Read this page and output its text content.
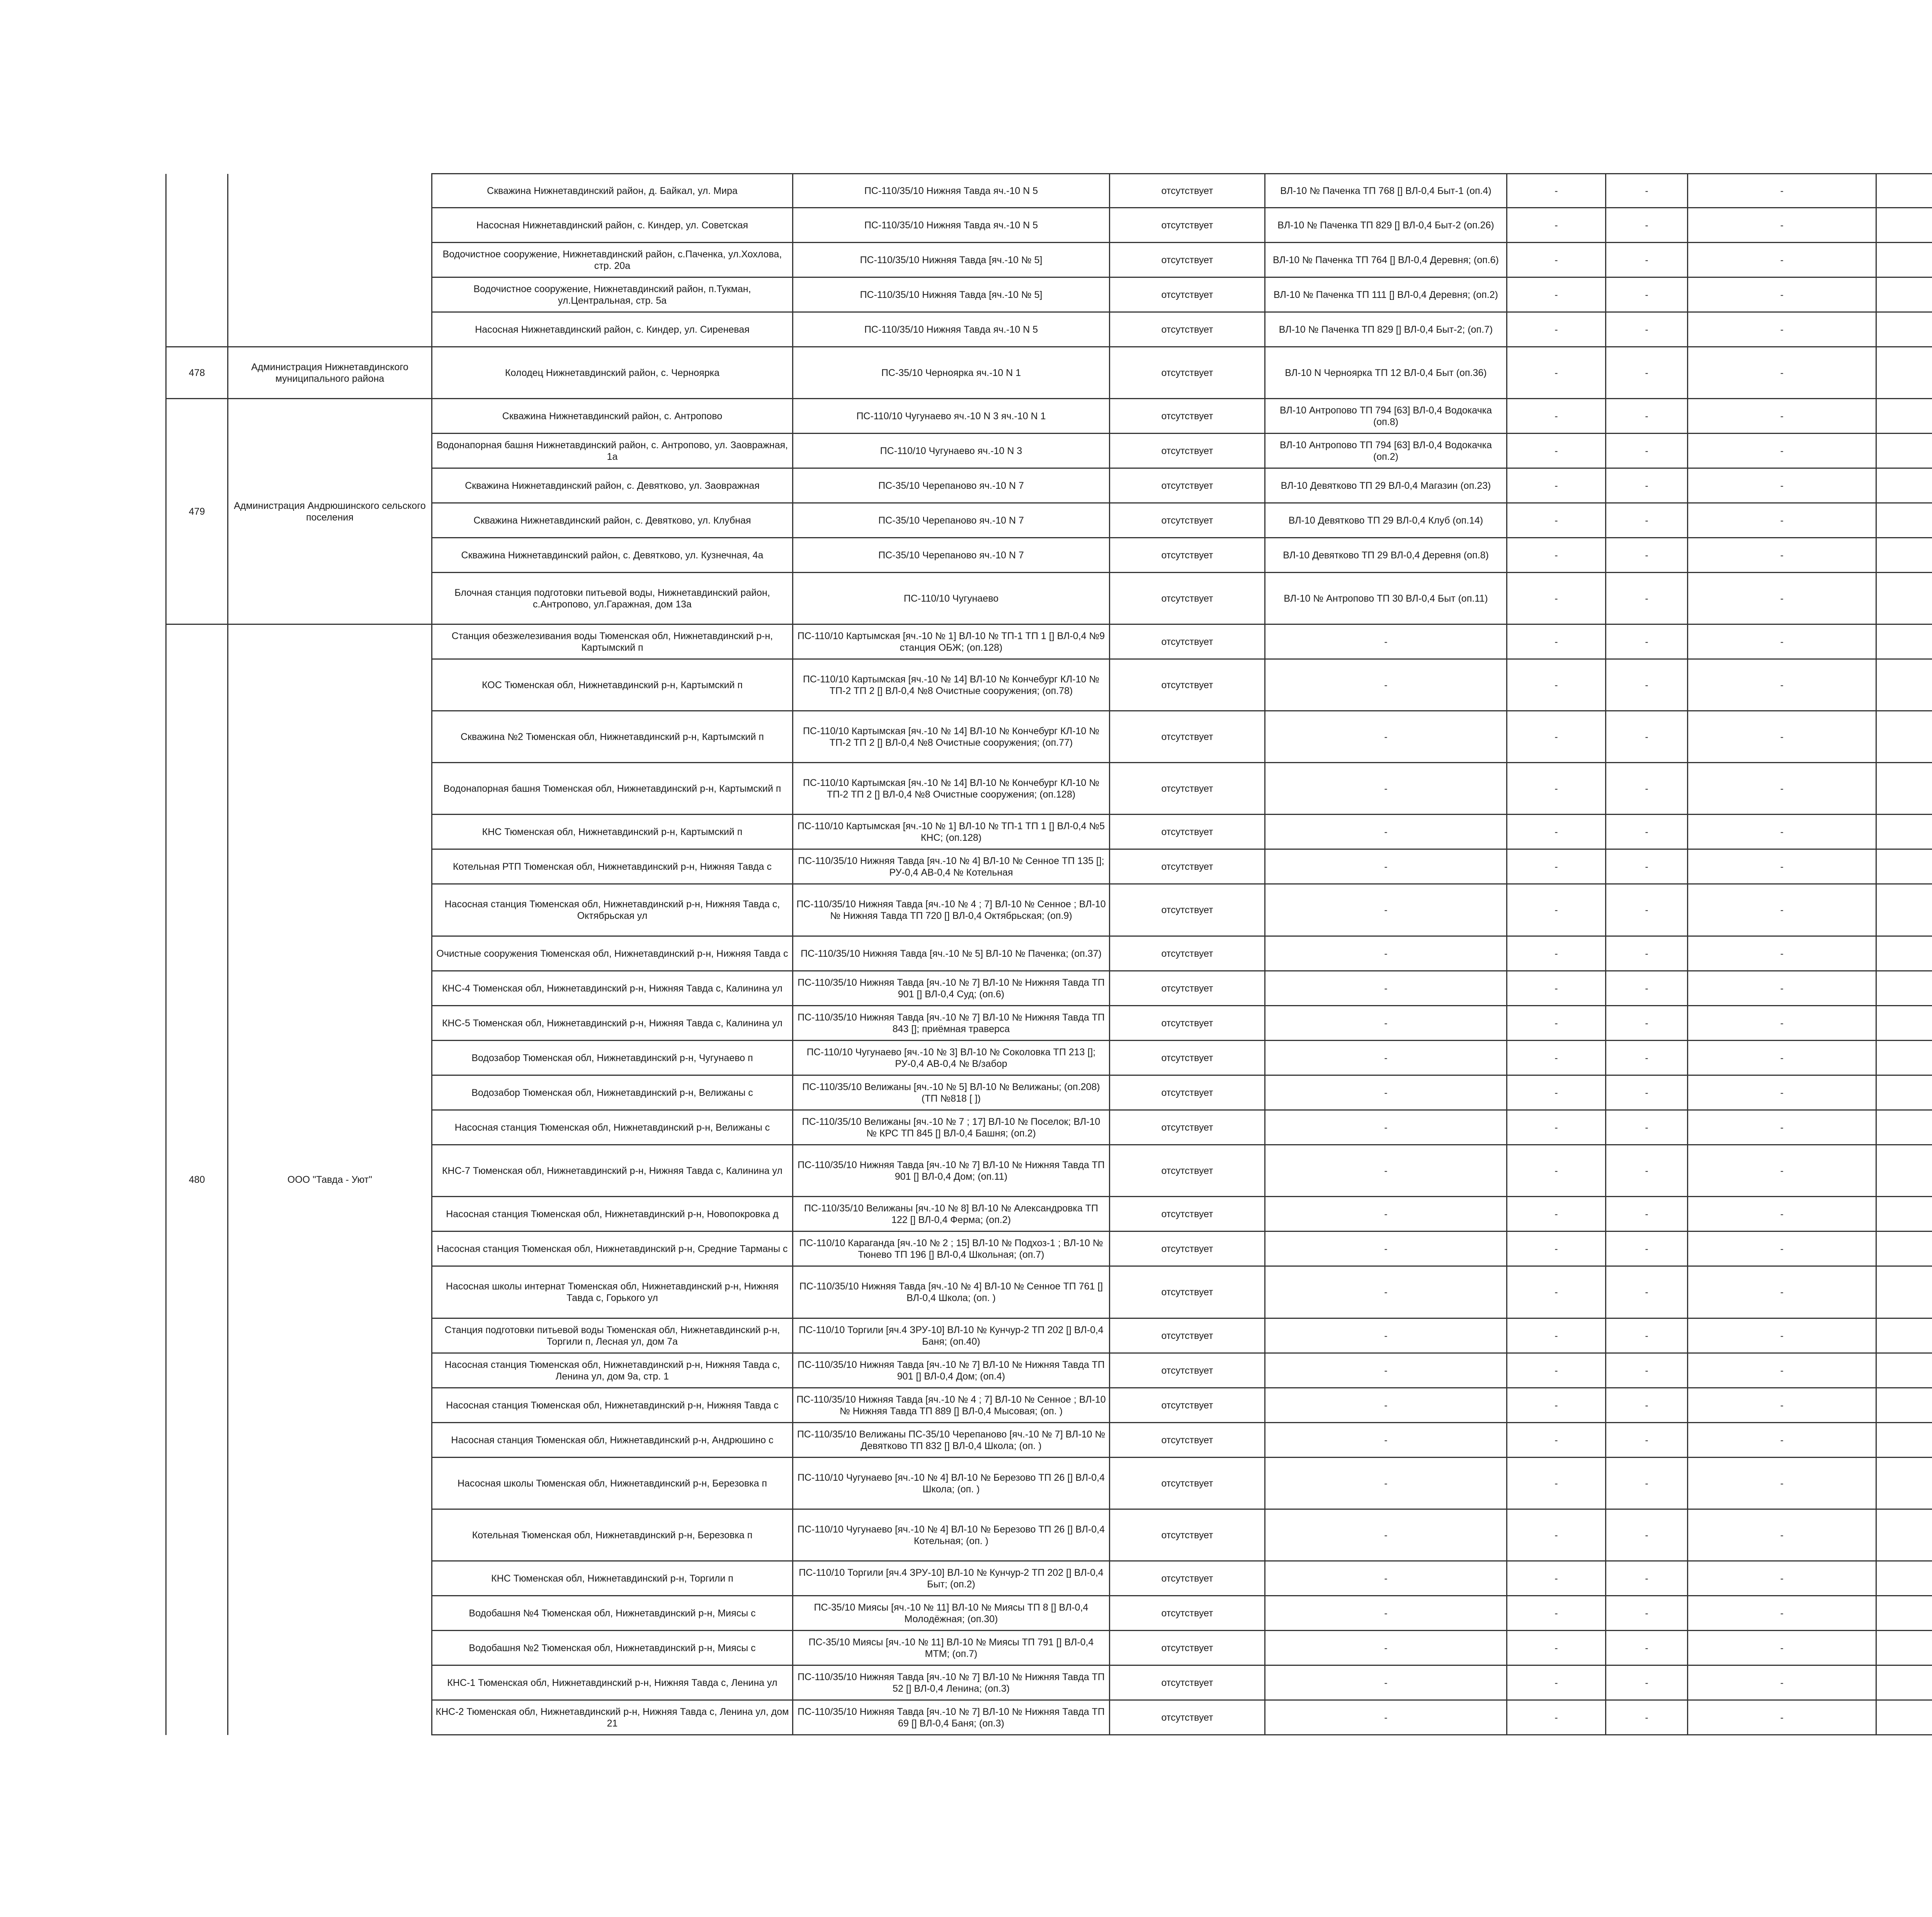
		Скважина Нижнетавдинский район, д. Байкал, ул. Мира	ПС-110/35/10 Нижняя Тавда яч.-10 N 5	отсутствует	ВЛ-10 № Паченка ТП 768 [] ВЛ-0,4 Быт-1 (оп.4)	-	-	-		
		Насосная Нижнетавдинский район, с. Киндер, ул. Советская	ПС-110/35/10 Нижняя Тавда яч.-10 N 5	отсутствует	ВЛ-10 № Паченка ТП 829 [] ВЛ-0,4 Быт-2 (оп.26)	-	-	-		
		Водочистное сооружение, Нижнетавдинский район, с.Паченка, ул.Хохлова, стр. 20а	ПС-110/35/10 Нижняя Тавда [яч.-10 № 5]	отсутствует	ВЛ-10 № Паченка ТП 764 [] ВЛ-0,4 Деревня; (оп.6)	-	-	-		
		Водочистное сооружение, Нижнетавдинский район, п.Тукман, ул.Центральная, стр. 5а	ПС-110/35/10 Нижняя Тавда [яч.-10 № 5]	отсутствует	ВЛ-10 № Паченка ТП 111 [] ВЛ-0,4 Деревня; (оп.2)	-	-	-		
		Насосная Нижнетавдинский район, с. Киндер, ул. Сиреневая	ПС-110/35/10 Нижняя Тавда яч.-10 N 5	отсутствует	ВЛ-10 № Паченка ТП 829 [] ВЛ-0,4 Быт-2; (оп.7)	-	-	-		
478	Администрация Нижнетавдинского муниципального района	Колодец Нижнетавдинский район, с. Черноярка	ПС-35/10 Черноярка яч.-10 N 1	отсутствует	ВЛ-10 N Черноярка ТП 12 ВЛ-0,4 Быт (оп.36)	-	-	-		
479	Администрация Андрюшинского сельского поселения	Скважина Нижнетавдинский район, с. Антропово	ПС-110/10 Чугунаево яч.-10 N 3 яч.-10 N 1	отсутствует	ВЛ-10 Антропово ТП 794 [63] ВЛ-0,4 Водокачка (оп.8)	-	-	-		
		Водонапорная башня Нижнетавдинский район, с. Антропово, ул. Заовражная, 1а	ПС-110/10 Чугунаево яч.-10 N 3	отсутствует	ВЛ-10 Антропово ТП 794 [63] ВЛ-0,4 Водокачка (оп.2)	-	-	-		
		Скважина Нижнетавдинский район, с. Девятково, ул. Заовражная	ПС-35/10 Черепаново яч.-10 N 7	отсутствует	ВЛ-10 Девятково ТП 29 ВЛ-0,4 Магазин (оп.23)	-	-	-		
		Скважина Нижнетавдинский район, с. Девятково, ул. Клубная	ПС-35/10 Черепаново яч.-10 N 7	отсутствует	ВЛ-10 Девятково ТП 29 ВЛ-0,4 Клуб (оп.14)	-	-	-		
		Скважина Нижнетавдинский район, с. Девятково, ул. Кузнечная, 4а	ПС-35/10 Черепаново яч.-10 N 7	отсутствует	ВЛ-10 Девятково ТП 29 ВЛ-0,4 Деревня (оп.8)	-	-	-		
		Блочная станция подготовки питьевой воды, Нижнетавдинский район, с.Антропово, ул.Гаражная, дом 13а	ПС-110/10 Чугунаево	отсутствует	ВЛ-10 № Антропово ТП 30 ВЛ-0,4 Быт (оп.11)	-	-	-		
480	ООО "Тавда - Уют"	Станция обезжелезивания воды Тюменская обл, Нижнетавдинский р-н, Картымский п	ПС-110/10 Картымская [яч.-10 № 1] ВЛ-10 № ТП-1 ТП 1 [] ВЛ-0,4 №9 станция ОБЖ; (оп.128)	отсутствует	-	-	-	-		
		КОС Тюменская обл, Нижнетавдинский р-н, Картымский п	ПС-110/10 Картымская [яч.-10 № 14] ВЛ-10 № Кончебург КЛ-10 № ТП-2 ТП 2 [] ВЛ-0,4 №8 Очистные сооружения; (оп.78)	отсутствует	-	-	-	-		
		Скважина №2 Тюменская обл, Нижнетавдинский р-н, Картымский п	ПС-110/10 Картымская [яч.-10 № 14] ВЛ-10 № Кончебург КЛ-10 № ТП-2 ТП 2 [] ВЛ-0,4 №8 Очистные сооружения; (оп.77)	отсутствует	-	-	-	-		
		Водонапорная башня Тюменская обл, Нижнетавдинский р-н, Картымский п	ПС-110/10 Картымская [яч.-10 № 14] ВЛ-10 № Кончебург КЛ-10 № ТП-2 ТП 2 [] ВЛ-0,4 №8 Очистные сооружения; (оп.128)	отсутствует	-	-	-	-		
		КНС Тюменская обл, Нижнетавдинский р-н, Картымский п	ПС-110/10 Картымская [яч.-10 № 1] ВЛ-10 № ТП-1 ТП 1 [] ВЛ-0,4 №5 КНС; (оп.128)	отсутствует	-	-	-	-		
		Котельная РТП Тюменская обл, Нижнетавдинский р-н, Нижняя Тавда с	ПС-110/35/10 Нижняя Тавда [яч.-10 № 4] ВЛ-10 № Сенное ТП 135 []; РУ-0,4 АВ-0,4 № Котельная	отсутствует	-	-	-	-		
		Насосная станция Тюменская обл, Нижнетавдинский р-н, Нижняя Тавда с, Октябрьская ул	ПС-110/35/10 Нижняя Тавда [яч.-10 № 4 ; 7] ВЛ-10 № Сенное ; ВЛ-10 № Нижняя Тавда ТП 720 [] ВЛ-0,4 Октябрьская; (оп.9)	отсутствует	-	-	-	-		
		Очистные сооружения Тюменская обл, Нижнетавдинский р-н, Нижняя Тавда с	ПС-110/35/10 Нижняя Тавда [яч.-10 № 5] ВЛ-10 № Паченка; (оп.37)	отсутствует	-	-	-	-		
		КНС-4 Тюменская обл, Нижнетавдинский р-н, Нижняя Тавда с, Калинина ул	ПС-110/35/10 Нижняя Тавда [яч.-10 № 7] ВЛ-10 № Нижняя Тавда ТП 901 [] ВЛ-0,4 Суд; (оп.6)	отсутствует	-	-	-	-		
		КНС-5 Тюменская обл, Нижнетавдинский р-н, Нижняя Тавда с, Калинина ул	ПС-110/35/10 Нижняя Тавда [яч.-10 № 7] ВЛ-10 № Нижняя Тавда ТП 843 []; приёмная траверса	отсутствует	-	-	-	-		
		Водозабор Тюменская обл, Нижнетавдинский р-н, Чугунаево п	ПС-110/10 Чугунаево [яч.-10 № 3] ВЛ-10 № Соколовка ТП 213 []; РУ-0,4 АВ-0,4 № В/забор	отсутствует	-	-	-	-		
		Водозабор Тюменская обл, Нижнетавдинский р-н, Велижаны с	ПС-110/35/10 Велижаны [яч.-10 № 5] ВЛ-10 № Велижаны; (оп.208) (ТП №818 [ ])	отсутствует	-	-	-	-		
		Насосная станция Тюменская обл, Нижнетавдинский р-н, Велижаны с	ПС-110/35/10 Велижаны [яч.-10 № 7 ; 17] ВЛ-10 № Поселок; ВЛ-10 № КРС ТП 845 [] ВЛ-0,4 Башня; (оп.2)	отсутствует	-	-	-	-		
		КНС-7 Тюменская обл, Нижнетавдинский р-н, Нижняя Тавда с, Калинина ул	ПС-110/35/10 Нижняя Тавда [яч.-10 № 7] ВЛ-10 № Нижняя Тавда ТП 901 [] ВЛ-0,4 Дом; (оп.11)	отсутствует	-	-	-	-		
		Насосная станция Тюменская обл, Нижнетавдинский р-н, Новопокровка д	ПС-110/35/10 Велижаны [яч.-10 № 8] ВЛ-10 № Александровка ТП 122 [] ВЛ-0,4 Ферма; (оп.2)	отсутствует	-	-	-	-		
		Насосная станция Тюменская обл, Нижнетавдинский р-н, Средние Тарманы с	ПС-110/10 Караганда [яч.-10 № 2 ; 15] ВЛ-10 № Подхоз-1 ; ВЛ-10 № Тюнево ТП 196 [] ВЛ-0,4 Школьная; (оп.7)	отсутствует	-	-	-	-		
		Насосная школы интернат Тюменская обл, Нижнетавдинский р-н, Нижняя Тавда с, Горького ул	ПС-110/35/10 Нижняя Тавда [яч.-10 № 4] ВЛ-10 № Сенное ТП 761 [] ВЛ-0,4 Школа; (оп. )	отсутствует	-	-	-	-		
		Станция подготовки питьевой воды Тюменская обл, Нижнетавдинский р-н, Торгили п, Лесная ул, дом 7а	ПС-110/10 Торгили [яч.4 ЗРУ-10] ВЛ-10 № Кунчур-2 ТП 202 [] ВЛ-0,4 Баня; (оп.40)	отсутствует	-	-	-	-		
		Насосная станция Тюменская обл, Нижнетавдинский р-н, Нижняя Тавда с, Ленина ул, дом 9а, стр. 1	ПС-110/35/10 Нижняя Тавда [яч.-10 № 7] ВЛ-10 № Нижняя Тавда ТП 901 [] ВЛ-0,4 Дом; (оп.4)	отсутствует	-	-	-	-		
		Насосная станция Тюменская обл, Нижнетавдинский р-н, Нижняя Тавда с	ПС-110/35/10 Нижняя Тавда [яч.-10 № 4 ; 7] ВЛ-10 № Сенное ; ВЛ-10 № Нижняя Тавда ТП 889 [] ВЛ-0,4 Мысовая; (оп. )	отсутствует	-	-	-	-		
		Насосная станция Тюменская обл, Нижнетавдинский р-н, Андрюшино с	ПС-110/35/10 Велижаны ПС-35/10 Черепаново [яч.-10 № 7] ВЛ-10 № Девятково ТП 832 [] ВЛ-0,4 Школа; (оп. )	отсутствует	-	-	-	-		
		Насосная школы Тюменская обл, Нижнетавдинский р-н, Березовка п	ПС-110/10 Чугунаево [яч.-10 № 4] ВЛ-10 № Березово ТП 26 [] ВЛ-0,4 Школа; (оп. )	отсутствует	-	-	-	-		
		Котельная Тюменская обл, Нижнетавдинский р-н, Березовка п	ПС-110/10 Чугунаево [яч.-10 № 4] ВЛ-10 № Березово ТП 26 [] ВЛ-0,4 Котельная; (оп. )	отсутствует	-	-	-	-		
		КНС Тюменская обл, Нижнетавдинский р-н, Торгили п	ПС-110/10 Торгили [яч.4 ЗРУ-10] ВЛ-10 № Кунчур-2 ТП 202 [] ВЛ-0,4 Быт; (оп.2)	отсутствует	-	-	-	-		
		Водобашня №4 Тюменская обл, Нижнетавдинский р-н, Миясы с	ПС-35/10 Миясы [яч.-10 № 11] ВЛ-10 № Миясы ТП 8 [] ВЛ-0,4 Молодёжная; (оп.30)	отсутствует	-	-	-	-		
		Водобашня №2 Тюменская обл, Нижнетавдинский р-н, Миясы с	ПС-35/10 Миясы [яч.-10 № 11] ВЛ-10 № Миясы ТП 791 [] ВЛ-0,4 МТМ; (оп.7)	отсутствует	-	-	-	-		
		КНС-1 Тюменская обл, Нижнетавдинский р-н, Нижняя Тавда с, Ленина ул	ПС-110/35/10 Нижняя Тавда [яч.-10 № 7] ВЛ-10 № Нижняя Тавда ТП 52 [] ВЛ-0,4 Ленина; (оп.3)	отсутствует	-	-	-	-		
		КНС-2 Тюменская обл, Нижнетавдинский р-н, Нижняя Тавда с, Ленина ул, дом 21	ПС-110/35/10 Нижняя Тавда [яч.-10 № 7] ВЛ-10 № Нижняя Тавда ТП 69 [] ВЛ-0,4 Баня; (оп.3)	отсутствует	-	-	-	-		
